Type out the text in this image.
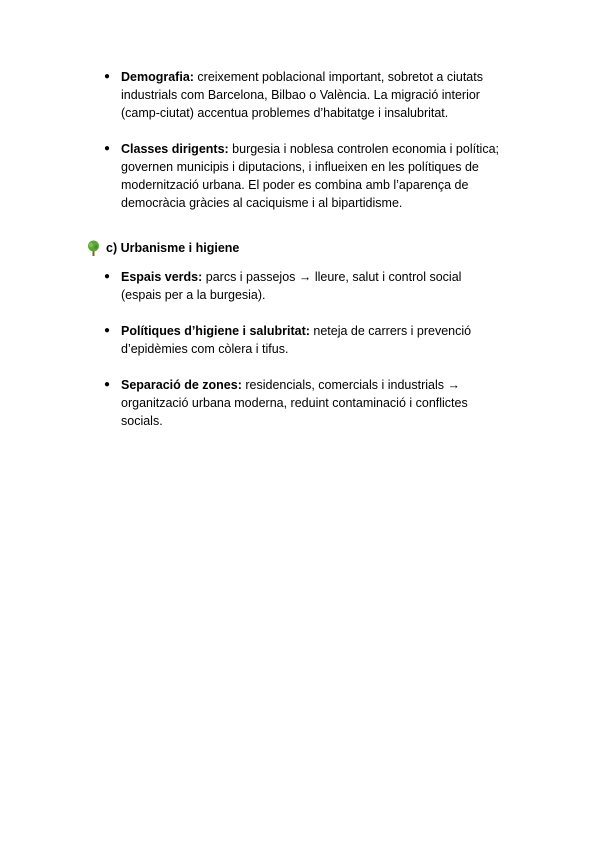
● Demografia: creixement poblacional important, sobretot a ciutats industrials com Barcelona, Bilbao o València. La migració interior (camp-ciutat) accentua problemes d’habitatge i insalubritat.
● Classes dirigents: burgesia i noblesa controlen economia i política; governen municipis i diputacions, i influeixen en les polítiques de modernització urbana. El poder es combina amb l’aparença de democràcia gràcies al caciquisme i al bipartidisme.
c) Urbanisme i higiene
● Espais verds: parcs i passejos → lleure, salut i control social (espais per a la burgesia).
● Polítiques d’higiene i salubritat: neteja de carrers i prevenció d’epidèmies com còlera i tifus.
● Separació de zones: residencials, comercials i industrials → organització urbana moderna, reduint contaminació i conflictes socials.
